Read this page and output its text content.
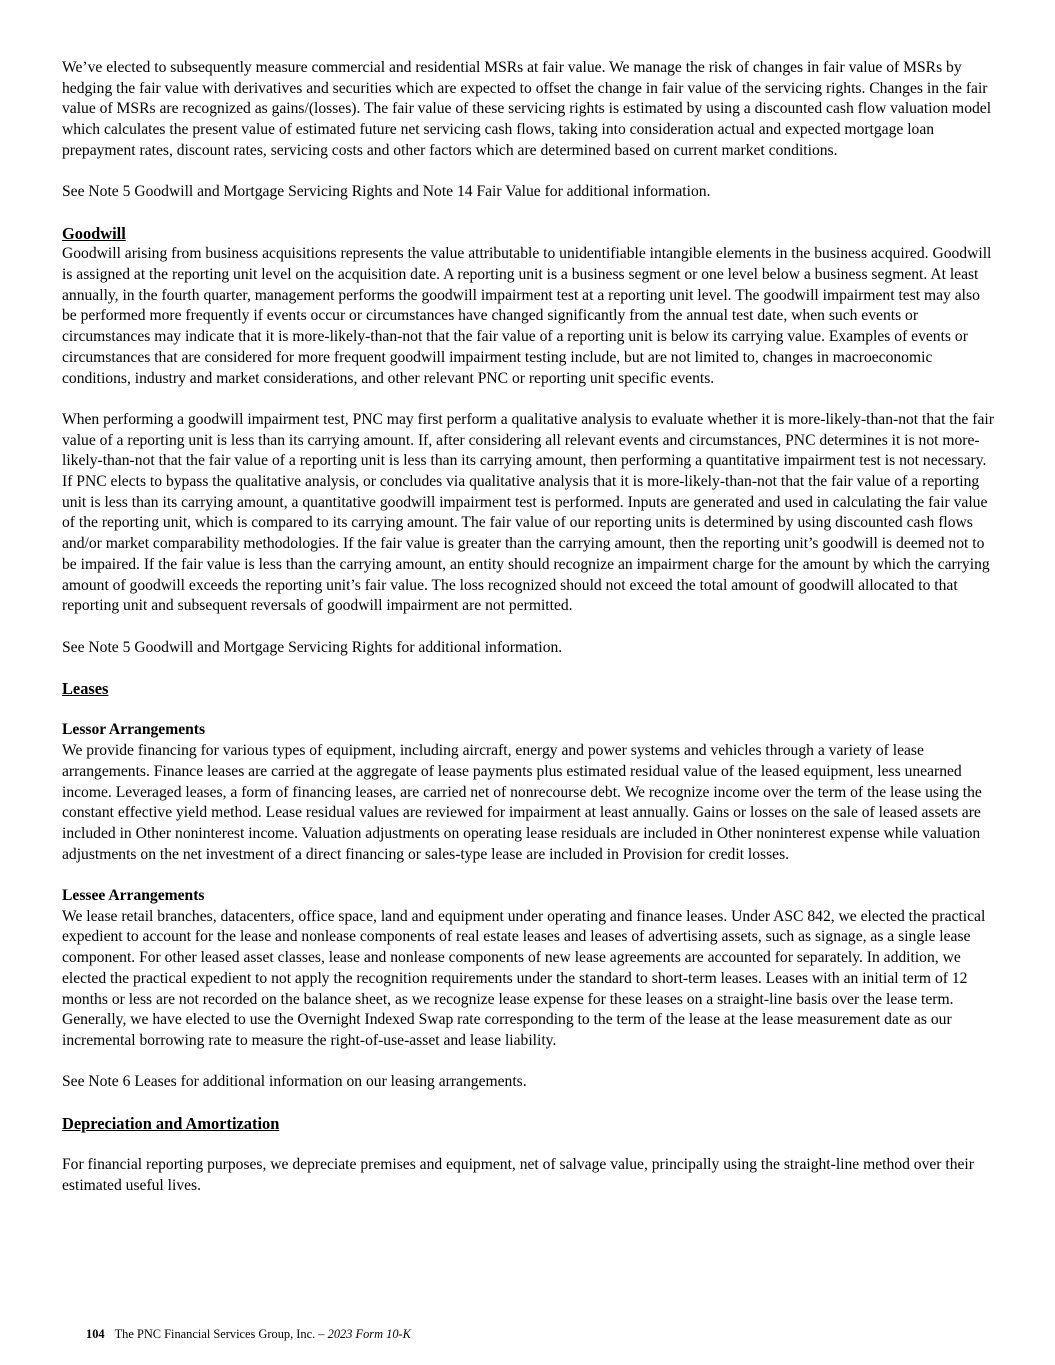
We’ve elected to subsequently measure commercial and residential MSRs at fair value. We manage the risk of changes in fair value of MSRs by hedging the fair value with derivatives and securities which are expected to offset the change in fair value of the servicing rights. Changes in the fair value of MSRs are recognized as gains/(losses). The fair value of these servicing rights is estimated by using a discounted cash flow valuation model which calculates the present value of estimated future net servicing cash flows, taking into consideration actual and expected mortgage loan prepayment rates, discount rates, servicing costs and other factors which are determined based on current market conditions.

See Note 5 Goodwill and Mortgage Servicing Rights and Note 14 Fair Value for additional information.

Goodwill

Goodwill arising from business acquisitions represents the value attributable to unidentifiable intangible elements in the business acquired. Goodwill is assigned at the reporting unit level on the acquisition date. A reporting unit is a business segment or one level below a business segment. At least annually, in the fourth quarter, management performs the goodwill impairment test at a reporting unit level. The goodwill impairment test may also be performed more frequently if events occur or circumstances have changed significantly from the annual test date, when such events or circumstances may indicate that it is more-likely-than-not that the fair value of a reporting unit is below its carrying value. Examples of events or circumstances that are considered for more frequent goodwill impairment testing include, but are not limited to, changes in macroeconomic conditions, industry and market considerations, and other relevant PNC or reporting unit specific events.

When performing a goodwill impairment test, PNC may first perform a qualitative analysis to evaluate whether it is more-likely-than-not that the fair value of a reporting unit is less than its carrying amount. If, after considering all relevant events and circumstances, PNC determines it is not more-likely-than-not that the fair value of a reporting unit is less than its carrying amount, then performing a quantitative impairment test is not necessary. If PNC elects to bypass the qualitative analysis, or concludes via qualitative analysis that it is more-likely-than-not that the fair value of a reporting unit is less than its carrying amount, a quantitative goodwill impairment test is performed. Inputs are generated and used in calculating the fair value of the reporting unit, which is compared to its carrying amount. The fair value of our reporting units is determined by using discounted cash flows and/or market comparability methodologies. If the fair value is greater than the carrying amount, then the reporting unit’s goodwill is deemed not to be impaired. If the fair value is less than the carrying amount, an entity should recognize an impairment charge for the amount by which the carrying amount of goodwill exceeds the reporting unit’s fair value. The loss recognized should not exceed the total amount of goodwill allocated to that reporting unit and subsequent reversals of goodwill impairment are not permitted.

See Note 5 Goodwill and Mortgage Servicing Rights for additional information.

Leases

Lessor Arrangements

We provide financing for various types of equipment, including aircraft, energy and power systems and vehicles through a variety of lease arrangements. Finance leases are carried at the aggregate of lease payments plus estimated residual value of the leased equipment, less unearned income. Leveraged leases, a form of financing leases, are carried net of nonrecourse debt. We recognize income over the term of the lease using the constant effective yield method. Lease residual values are reviewed for impairment at least annually. Gains or losses on the sale of leased assets are included in Other noninterest income. Valuation adjustments on operating lease residuals are included in Other noninterest expense while valuation adjustments on the net investment of a direct financing or sales-type lease are included in Provision for credit losses.

Lessee Arrangements

We lease retail branches, datacenters, office space, land and equipment under operating and finance leases. Under ASC 842, we elected the practical expedient to account for the lease and nonlease components of real estate leases and leases of advertising assets, such as signage, as a single lease component. For other leased asset classes, lease and nonlease components of new lease agreements are accounted for separately. In addition, we elected the practical expedient to not apply the recognition requirements under the standard to short-term leases. Leases with an initial term of 12 months or less are not recorded on the balance sheet, as we recognize lease expense for these leases on a straight-line basis over the lease term. Generally, we have elected to use the Overnight Indexed Swap rate corresponding to the term of the lease at the lease measurement date as our incremental borrowing rate to measure the right-of-use-asset and lease liability.

See Note 6 Leases for additional information on our leasing arrangements.

Depreciation and Amortization

For financial reporting purposes, we depreciate premises and equipment, net of salvage value, principally using the straight-line method over their estimated useful lives.

104 The PNC Financial Services Group, Inc. – 2023 Form 10-K
